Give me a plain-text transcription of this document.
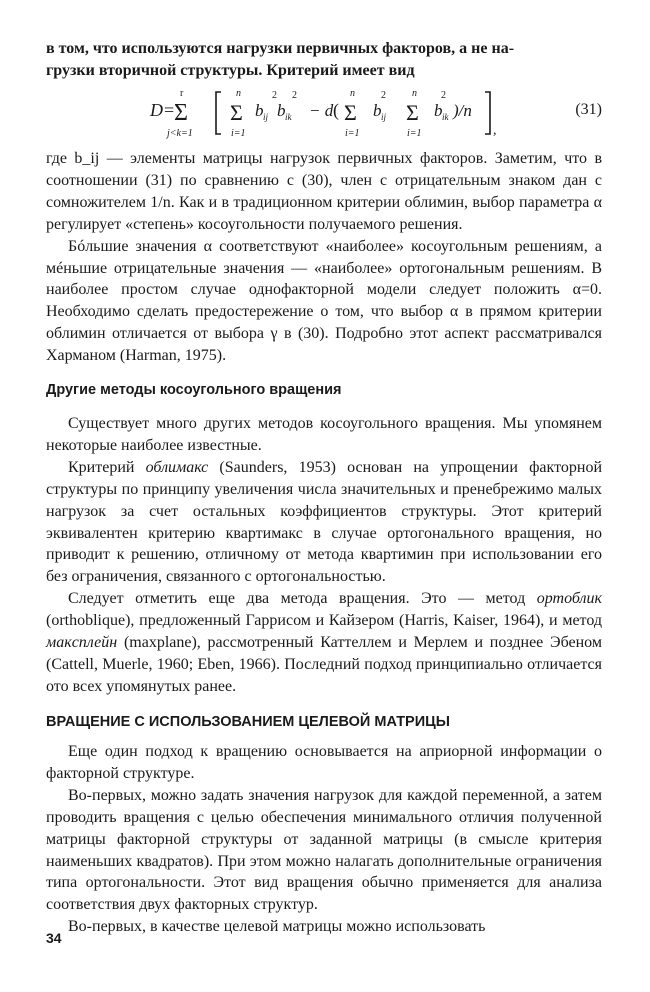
в том, что используются нагрузки первичных факторов, а не на-

грузки вторичной структуры. Критерий имеет вид

D =
r
Σ
j<k=1
n
Σ
i=1
b ij
2
b ik
2
− d (
n
Σ
i=1
b ij
2	n
Σ
i=1
b ik
2
)/n
,
(31)

где b_ij — элементы матрицы нагрузок первичных факторов. Заметим, что в соотношении (31) по сравнению с (30), член с отрицательным знаком дан с сомножителем 1/n. Как и в традиционном критерии облимин, выбор параметра α регулирует «степень» косоугольности получаемого решения.

Бóльшие значения α соответствуют «наиболее» косоугольным решениям, а мéньшие отрицательные значения — «наиболее» ортогональным решениям. В наиболее простом случае однофакторной модели следует положить α=0. Необходимо сделать предостережение о том, что выбор α в прямом критерии облимин отличается от выбора γ в (30). Подробно этот аспект рассматривался Харманом (Harman, 1975).

Другие методы косоугольного вращения

Существует много других методов косоугольного вращения. Мы упомянем некоторые наиболее известные.

Критерий облимакс (Saunders, 1953) основан на упрощении факторной структуры по принципу увеличения числа значительных и пренебрежимо малых нагрузок за счет остальных коэффициентов структуры. Этот критерий эквивалентен критерию квартимакс в случае ортогонального вращения, но приводит к решению, отличному от метода квартимин при использовании его без ограничения, связанного с ортогональностью.

Следует отметить еще два метода вращения. Это — метод ортоблик (orthoblique), предложенный Гаррисом и Кайзером (Harris, Kaiser, 1964), и метод макcплейн (maxplane), рассмотренный Каттеллем и Мерлем и позднее Эбеном (Cattell, Muerle, 1960; Eben, 1966). Последний подход принципиально отличается ото всех упомянутых ранее.

ВРАЩЕНИЕ С ИСПОЛЬЗОВАНИЕМ ЦЕЛЕВОЙ МАТРИЦЫ

Еще один подход к вращению основывается на априорной информации о факторной структуре.

Во-первых, можно задать значения нагрузок для каждой переменной, а затем проводить вращения с целью обеспечения минимального отличия полученной матрицы факторной структуры от заданной матрицы (в смысле критерия наименьших квадратов). При этом можно налагать дополнительные ограничения типа ортогональности. Этот вид вращения обычно применяется для анализа соответствия двух факторных структур.

Во-первых, в качестве целевой матрицы можно использовать

34
